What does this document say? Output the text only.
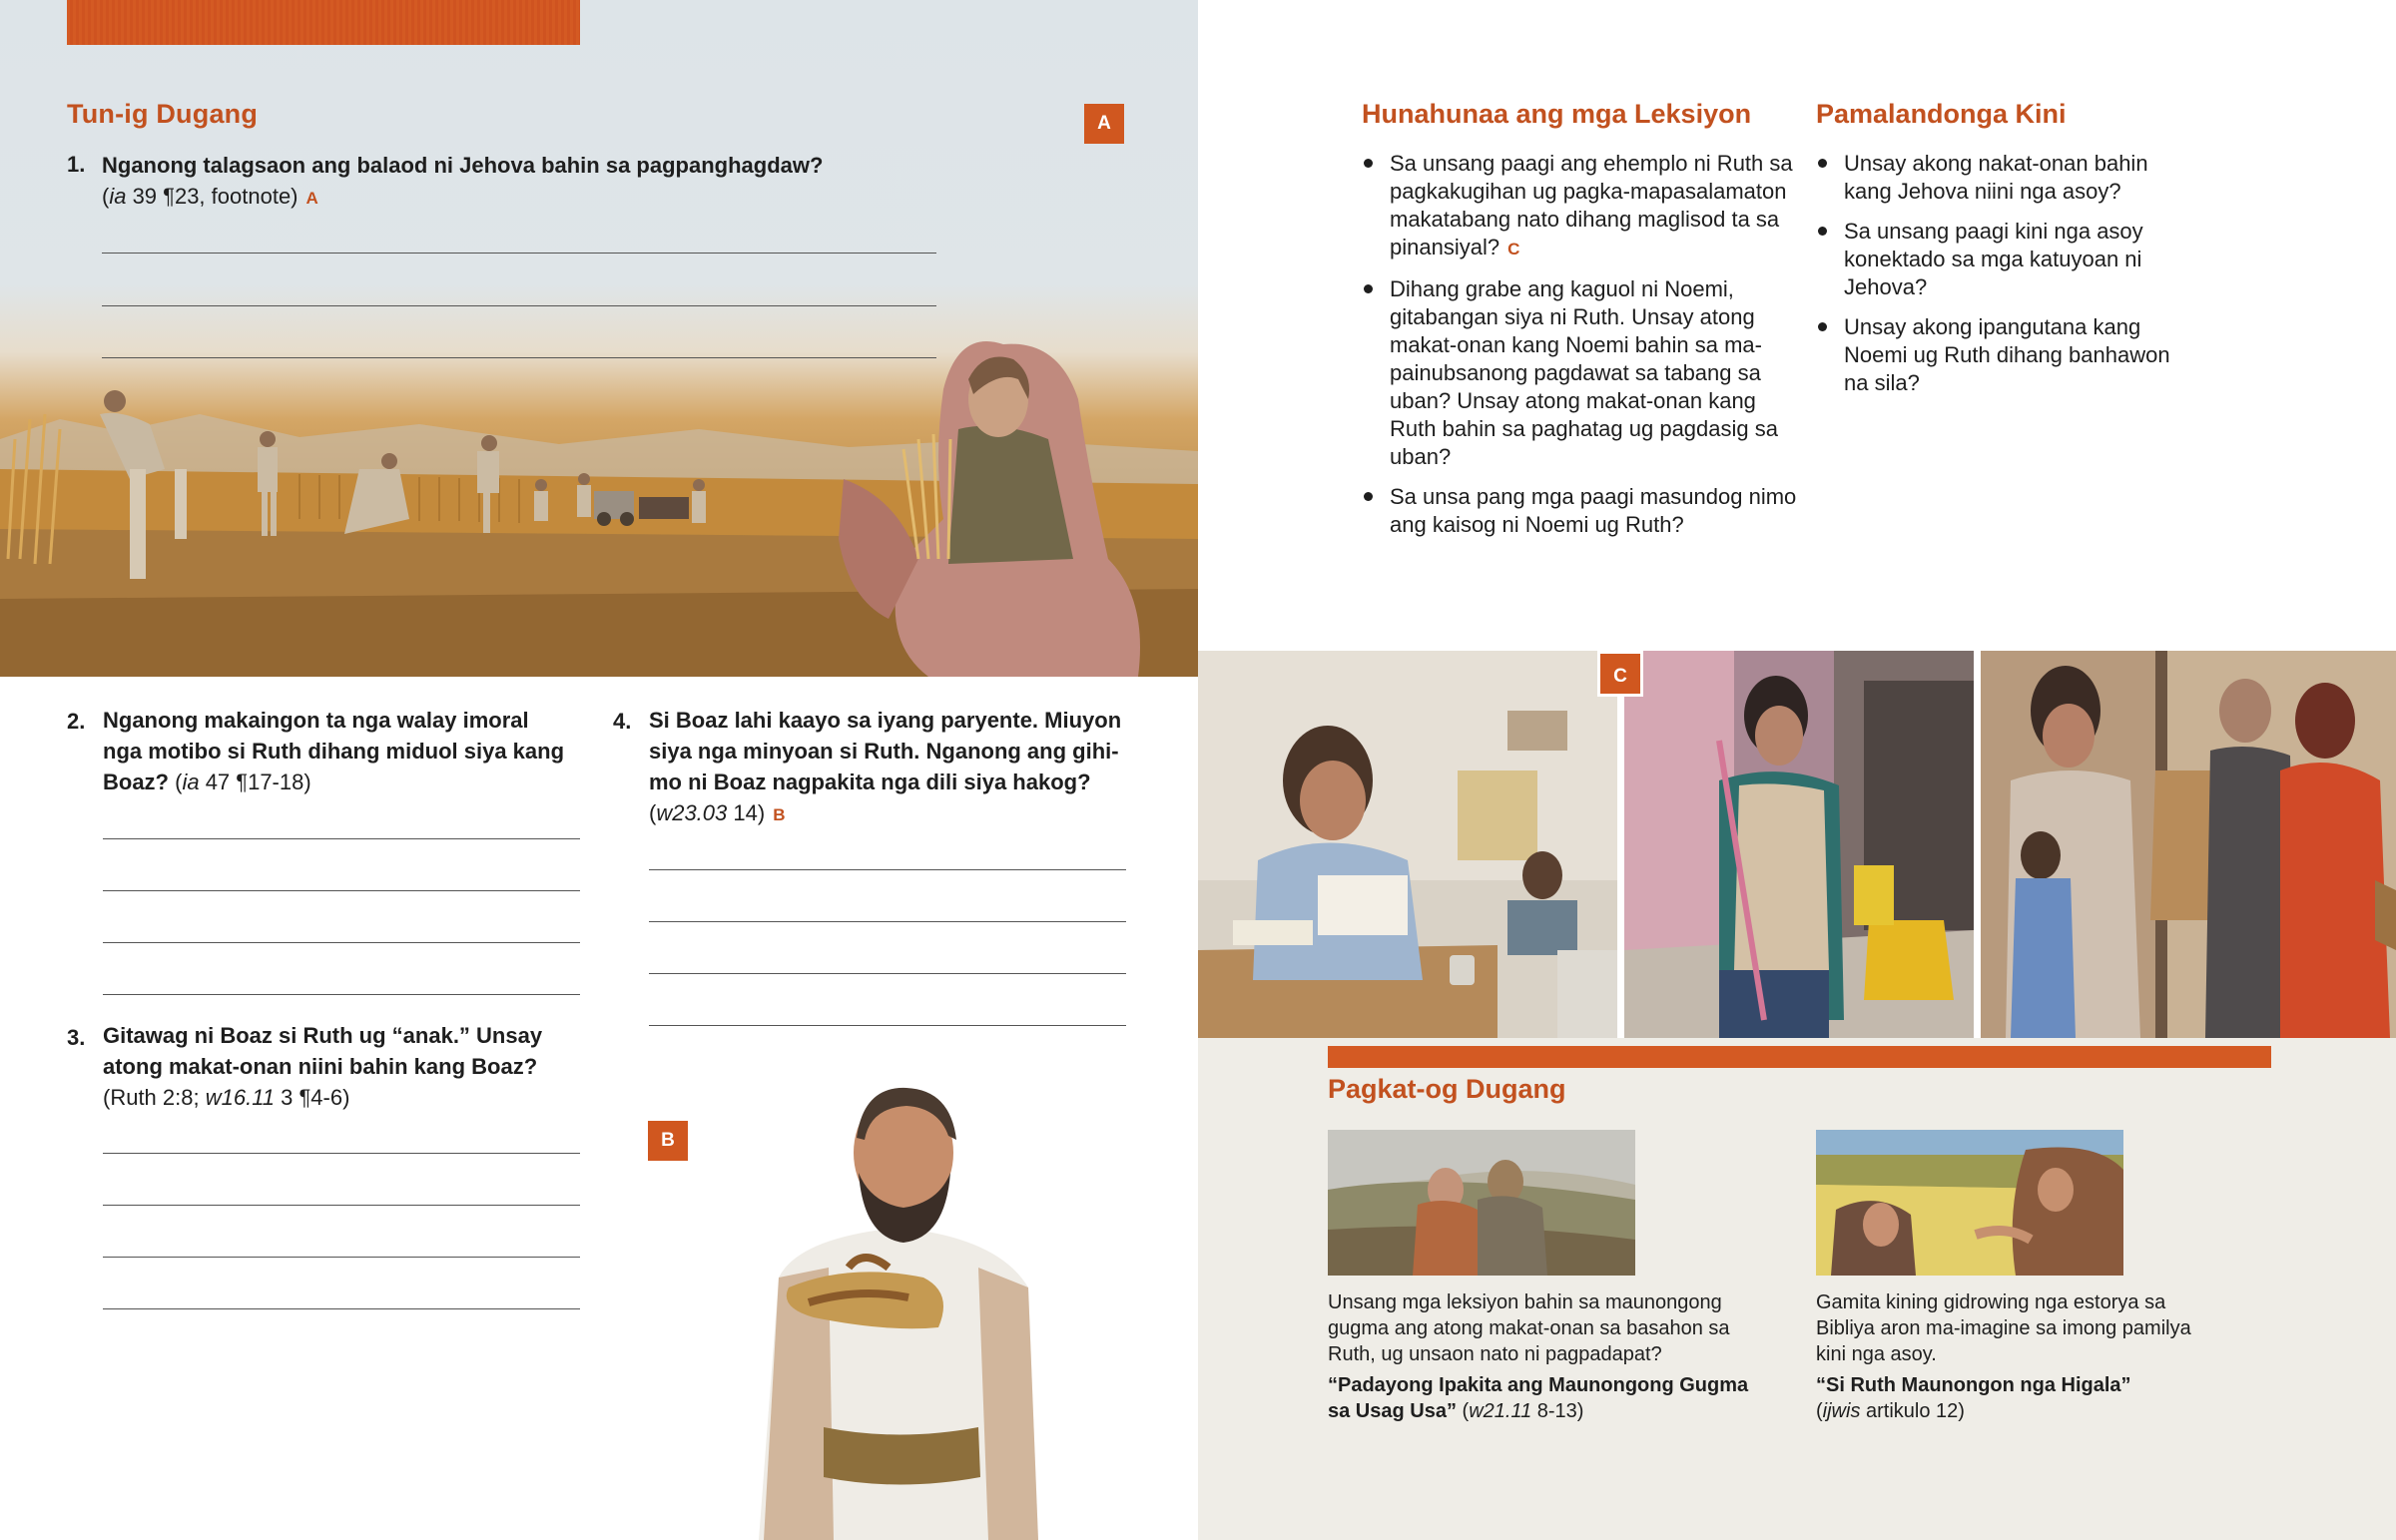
Tun-ig Dugang	A
1. Nganong talagsaon ang balaod ni Jehova bahin sa pagpanghagdaw?
(ia 39 ¶23, footnote) A
2. Nganong makaingon ta nga walay imoral
nga motibo si Ruth dihang miduol siya kang
Boaz? (ia 47 ¶17-18)
3. Gitawag ni Boaz si Ruth ug “anak.” Unsay
atong makat-onan niini bahin kang Boaz?
(Ruth 2:8; w16.11 3 ¶4-6)
4. Si Boaz lahi kaayo sa iyang paryente. Miuyon
siya nga minyoan si Ruth. Nganong ang gihi-
mo ni Boaz nagpakita nga dili siya hakog?
(w23.03 14) B
B
Hunahunaa ang mga Leksiyon
Sa unsang paagi ang ehemplo ni Ruth sa pagkakugihan ug pagka-mapasalamaton makatabang nato dihang maglisod ta sa pinansiyal? C
Dihang grabe ang kaguol ni Noemi, gitabangan siya ni Ruth. Unsay atong makat-onan kang Noemi bahin sa ma-painubsanong pagdawat sa tabang sa uban? Unsay atong makat-onan kang Ruth bahin sa paghatag ug pagdasig sa uban?
Sa unsa pang mga paagi masundog nimo ang kaisog ni Noemi ug Ruth?
Pamalandonga Kini
Unsay akong nakat-onan bahin kang Jehova niini nga asoy?
Sa unsang paagi kini nga asoy konektado sa mga katuyoan ni Jehova?
Unsay akong ipangutana kang Noemi ug Ruth dihang banhawon na sila?
C
Pagkat-og Dugang
Unsang mga leksiyon bahin sa maunongong gugma ang atong makat-onan sa basahon sa Ruth, ug unsaon nato ni pagpadapat?
“Padayong Ipakita ang Maunongong Gugma sa Usag Usa” (w21.11 8-13)
Gamita kining gidrowing nga estorya sa Bibliya aron ma-imagine sa imong pamilya kini nga asoy.
“Si Ruth Maunongon nga Higala”
(ijwis artikulo 12)
